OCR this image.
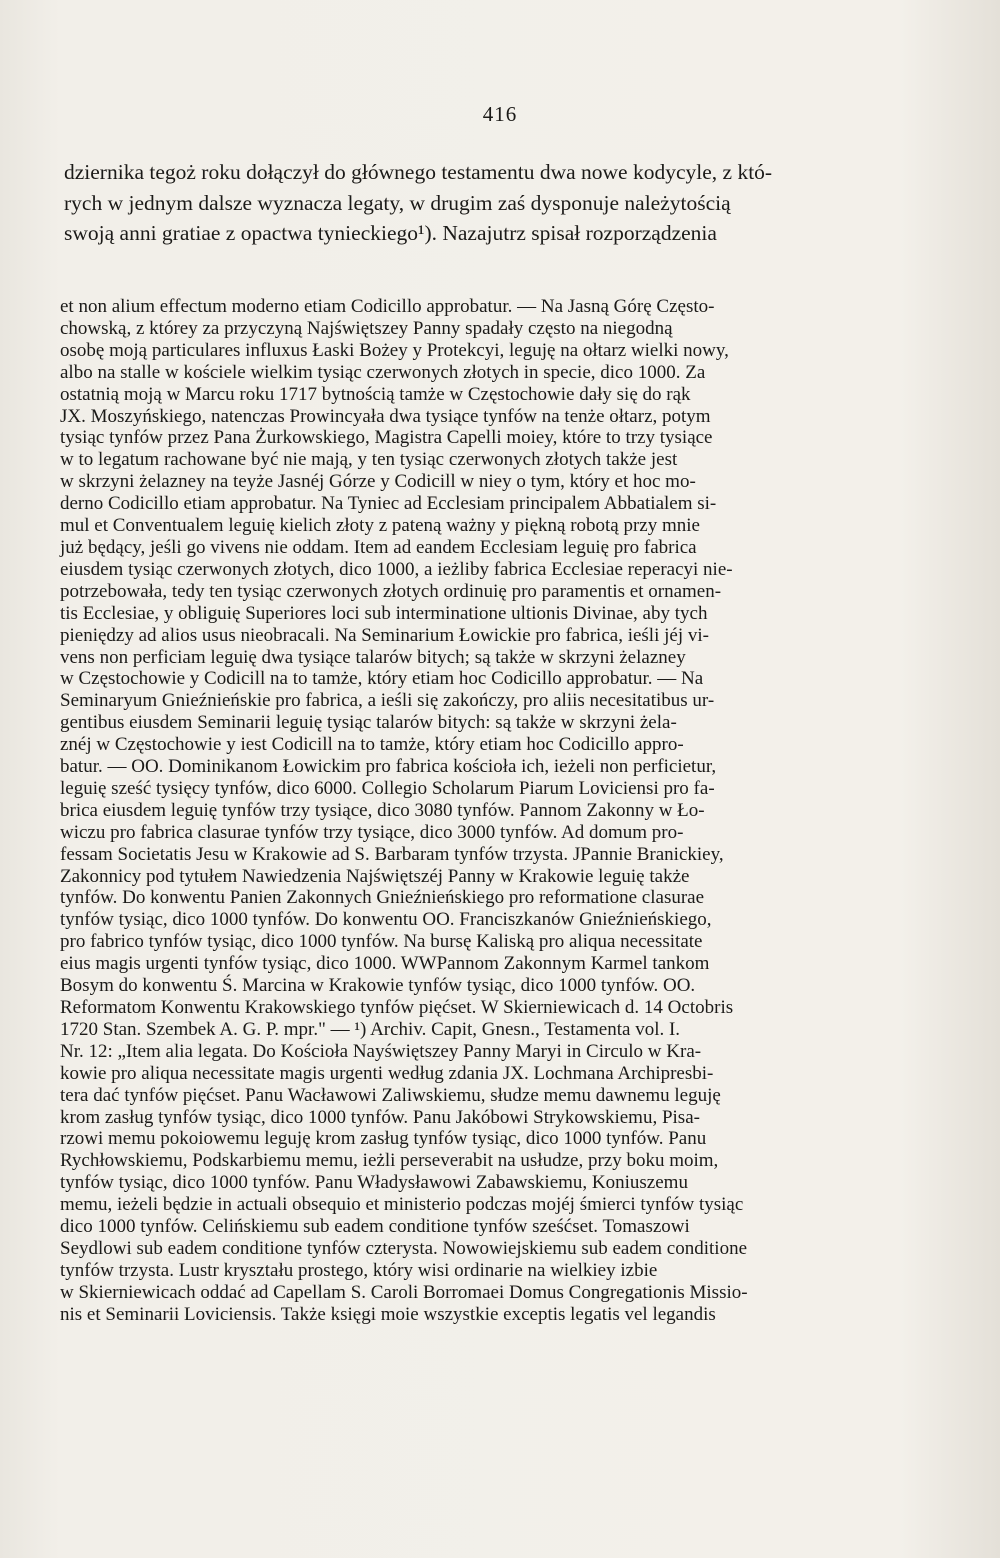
416

dziernika tegoż roku dołączył do głównego testamentu dwa nowe kodycyle, z któ-
rych w jednym dalsze wyznacza legaty, w drugim zaś dysponuje należytością
swoją anni gratiae z opactwa tynieckiego¹). Nazajutrz spisał rozporządzenia

et non alium effectum moderno etiam Codicillo approbatur. — Na Jasną Górę Często-
chowską, z którey za przyczyną Najświętszey Panny spadały często na niegodną
osobę moją particulares influxus Łaski Bożey y Protekcyi, leguję na ołtarz wielki nowy,
albo na stalle w kościele wielkim tysiąc czerwonych złotych in specie, dico 1000. Za
ostatnią moją w Marcu roku 1717 bytnością tamże w Częstochowie dały się do rąk
JX. Moszyńskiego, natenczas Prowincyała dwa tysiące tynfów na tenże ołtarz, potym
tysiąc tynfów przez Pana Żurkowskiego, Magistra Capelli moiey, które to trzy tysiące
w to legatum rachowane być nie mają, y ten tysiąc czerwonych złotych także jest
w skrzyni żelazney na teyże Jasnéj Górze y Codicill w niey o tym, który et hoc mo-
derno Codicillo etiam approbatur. Na Tyniec ad Ecclesiam principalem Abbatialem si-
mul et Conventualem leguię kielich złoty z pateną ważny y piękną robotą przy mnie
już będący, jeśli go vivens nie oddam. Item ad eandem Ecclesiam leguię pro fabrica
eiusdem tysiąc czerwonych złotych, dico 1000, a ieżliby fabrica Ecclesiae reperacyi nie-
potrzebowała, tedy ten tysiąc czerwonych złotych ordinuię pro paramentis et ornamen-
tis Ecclesiae, y obliguię Superiores loci sub interminatione ultionis Divinae, aby tych
pieniędzy ad alios usus nieobracali. Na Seminarium Łowickie pro fabrica, ieśli jéj vi-
vens non perficiam leguię dwa tysiące talarów bitych; są także w skrzyni żelazney
w Częstochowie y Codicill na to tamże, który etiam hoc Codicillo approbatur. — Na
Seminaryum Gnieźnieńskie pro fabrica, a ieśli się zakończy, pro aliis necesitatibus ur-
gentibus eiusdem Seminarii leguię tysiąc talarów bitych: są także w skrzyni żela-
znéj w Częstochowie y iest Codicill na to tamże, który etiam hoc Codicillo appro-
batur. — OO. Dominikanom Łowickim pro fabrica kościoła ich, ieżeli non perficietur,
leguię sześć tysięcy tynfów, dico 6000. Collegio Scholarum Piarum Loviciensi pro fa-
brica eiusdem leguię tynfów trzy tysiące, dico 3080 tynfów. Pannom Zakonny w Ło-
wiczu pro fabrica clasurae tynfów trzy tysiące, dico 3000 tynfów. Ad domum pro-
fessam Societatis Jesu w Krakowie ad S. Barbaram tynfów trzysta. JPannie Branickiey,
Zakonnicy pod tytułem Nawiedzenia Najświętszéj Panny w Krakowie leguię także
tynfów. Do konwentu Panien Zakonnych Gnieźnieńskiego pro reformatione clasurae
tynfów tysiąc, dico 1000 tynfów. Do konwentu OO. Franciszkanów Gnieźnieńskiego,
pro fabrico tynfów tysiąc, dico 1000 tynfów. Na bursę Kaliską pro aliqua necessitate
eius magis urgenti tynfów tysiąc, dico 1000. WWPannom Zakonnym Karmel tankom
Bosym do konwentu Ś. Marcina w Krakowie tynfów tysiąc, dico 1000 tynfów. OO.
Reformatom Konwentu Krakowskiego tynfów pięćset. W Skierniewicach d. 14 Octobris
1720 Stan. Szembek A. G. P. mpr." — ¹) Archiv. Capit, Gnesn., Testamenta vol. I.
Nr. 12: „Item alia legata. Do Kościoła Nayświętszey Panny Maryi in Circulo w Kra-
kowie pro aliqua necessitate magis urgenti według zdania JX. Lochmana Archipresbi-
tera dać tynfów pięćset. Panu Wacławowi Zaliwskiemu, słudze memu dawnemu leguję
krom zasług tynfów tysiąc, dico 1000 tynfów. Panu Jakóbowi Strykowskiemu, Pisa-
rzowi memu pokoiowemu leguję krom zasług tynfów tysiąc, dico 1000 tynfów. Panu
Rychłowskiemu, Podskarbiemu memu, ieżli perseverabit na usłudze, przy boku moim,
tynfów tysiąc, dico 1000 tynfów. Panu Władysławowi Zabawskiemu, Koniuszemu
memu, ieżeli będzie in actuali obsequio et ministerio podczas mojéj śmierci tynfów tysiąc
dico 1000 tynfów. Celińskiemu sub eadem conditione tynfów sześćset. Tomaszowi
Seydlowi sub eadem conditione tynfów czterysta. Nowowiejskiemu sub eadem conditione
tynfów trzysta. Lustr kryształu prostego, który wisi ordinarie na wielkiey izbie
w Skierniewicach oddać ad Capellam S. Caroli Borromaei Domus Congregationis Missio-
nis et Seminarii Loviciensis. Także księgi moie wszystkie exceptis legatis vel legandis
